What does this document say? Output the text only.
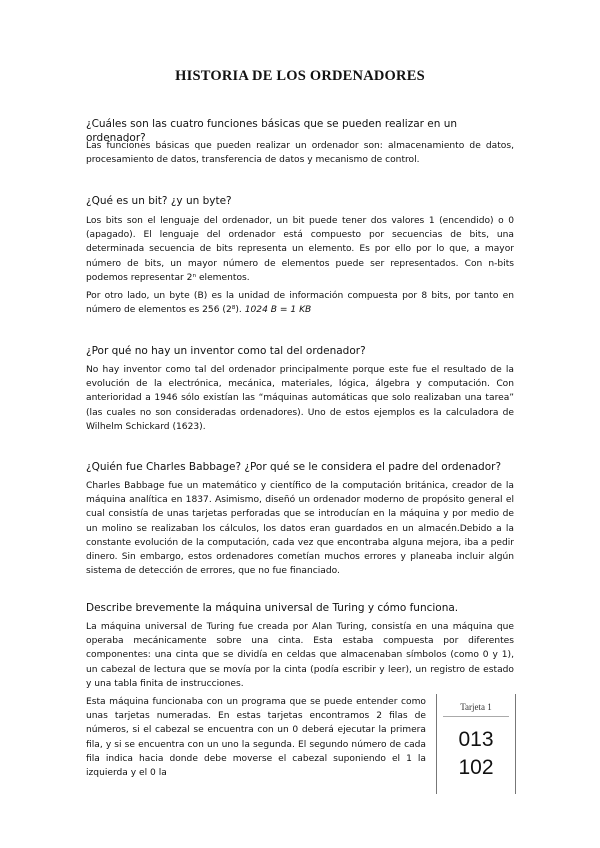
HISTORIA DE LOS ORDENADORES
¿Cuáles son las cuatro funciones básicas que se pueden realizar en un ordenador?
Las funciones básicas que pueden realizar un ordenador son: almacenamiento de datos, procesamiento de datos, transferencia de datos y mecanismo de control.
¿Qué es un bit? ¿y un byte?
Los bits son el lenguaje del ordenador, un bit puede tener dos valores 1 (encendido) o 0 (apagado). El lenguaje del ordenador está compuesto por secuencias de bits, una determinada secuencia de bits representa un elemento. Es por ello por lo que, a mayor número de bits, un mayor número de elementos puede ser representados. Con n-bits podemos representar 2ⁿ elementos.
Por otro lado, un byte (B) es la unidad de información compuesta por 8 bits, por tanto en número de elementos es 256 (2⁸). 1024 B = 1 KB
¿Por qué no hay un inventor como tal del ordenador?
No hay inventor como tal del ordenador principalmente porque este fue el resultado de la evolución de la electrónica, mecánica, materiales, lógica, álgebra y computación. Con anterioridad a 1946 sólo existían las “máquinas automáticas que solo realizaban una tarea” (las cuales no son consideradas ordenadores). Uno de estos ejemplos es la calculadora de Wilhelm Schickard (1623).
¿Quién fue Charles Babbage? ¿Por qué se le considera el padre del ordenador?
Charles Babbage fue un matemático y científico de la computación británica, creador de la máquina analítica en 1837. Asimismo, diseñó un ordenador moderno de propósito general el cual consistía de unas tarjetas perforadas que se introducían en la máquina y por medio de un molino se realizaban los cálculos, los datos eran guardados en un almacén.Debido a la constante evolución de la computación, cada vez que encontraba alguna mejora, iba a pedir dinero. Sin embargo, estos ordenadores cometían muchos errores y planeaba incluir algún sistema de detección de errores, que no fue financiado.
Describe brevemente la máquina universal de Turing y cómo funciona.
La máquina universal de Turing fue creada por Alan Turing, consistía en una máquina que operaba mecánicamente sobre una cinta. Esta estaba compuesta por diferentes componentes: una cinta que se dividía en celdas que almacenaban símbolos (como 0 y 1), un cabezal de lectura que se movía por la cinta (podía escribir y leer), un registro de estado y una tabla finita de instrucciones.
Esta máquina funcionaba con un programa que se puede entender como unas tarjetas numeradas. En estas tarjetas encontramos 2 filas de números, si el cabezal se encuentra con un 0 deberá ejecutar la primera fila, y si se encuentra con un uno la segunda. El segundo número de cada fila indica hacia donde debe moverse el cabezal suponiendo el 1 la izquierda y el 0 la
Tarjeta 1
013
102
